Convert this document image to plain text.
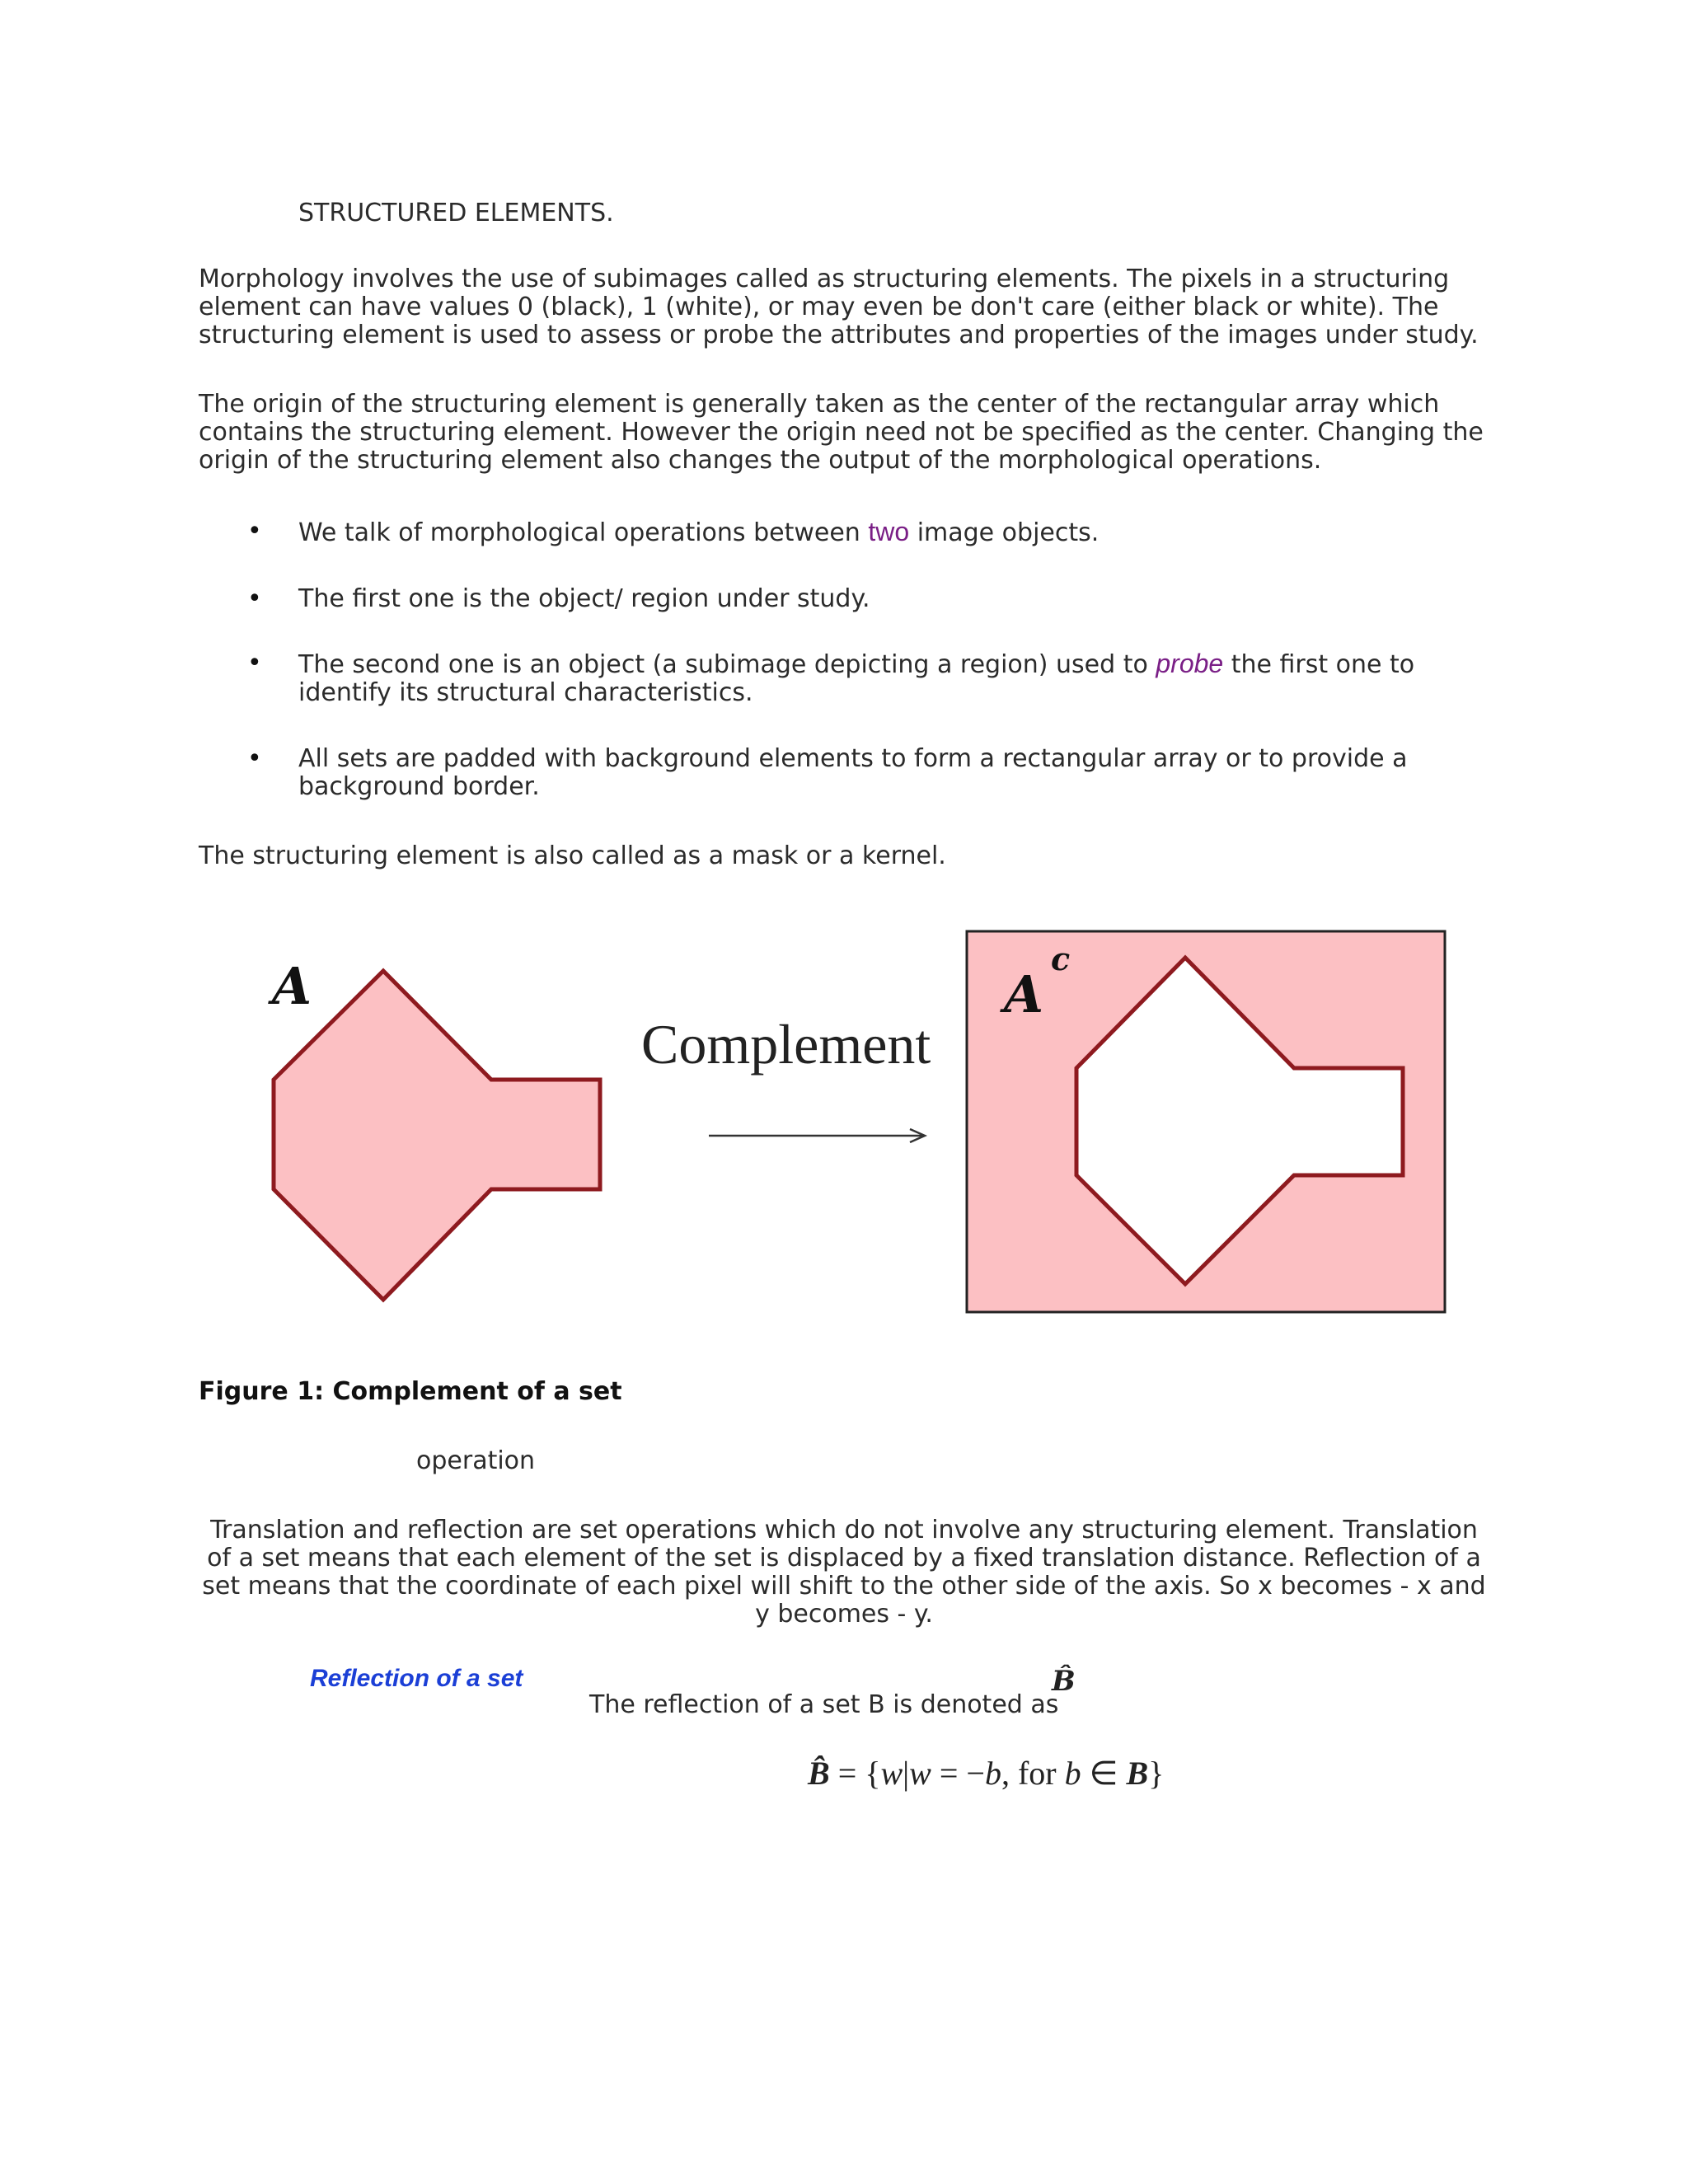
STRUCTURED ELEMENTS.

Morphology involves the use of subimages called as structuring elements. The pixels in a structuring element can have values 0 (black), 1 (white), or may even be don't care (either black or white). The structuring element is used to assess or probe the attributes and properties of the images under study.

The origin of the structuring element is generally taken as the center of the rectangular array which contains the structuring element. However the origin need not be specified as the center. Changing the origin of the structuring element also changes the output of the morphological operations.

• We talk of morphological operations between two image objects.

• The first one is the object/ region under study.

• The second one is an object (a subimage depicting a region) used to probe the first one to identify its structural characteristics.

• All sets are padded with background elements to form a rectangular array or to provide a background border.

The structuring element is also called as a mask or a kernel.

A
Complement
A
c

Figure 1: Complement of a set

operation

Translation and reflection are set operations which do not involve any structuring element. Translation of a set means that each element of the set is displaced by a fixed translation distance. Reflection of a set means that the coordinate of each pixel will shift to the other side of the axis. So x becomes - x and y becomes - y.

Reflection of a set

The reflection of a set B is denoted as

B̂
B̂ = {w|w = −b, for b ∈ B}
